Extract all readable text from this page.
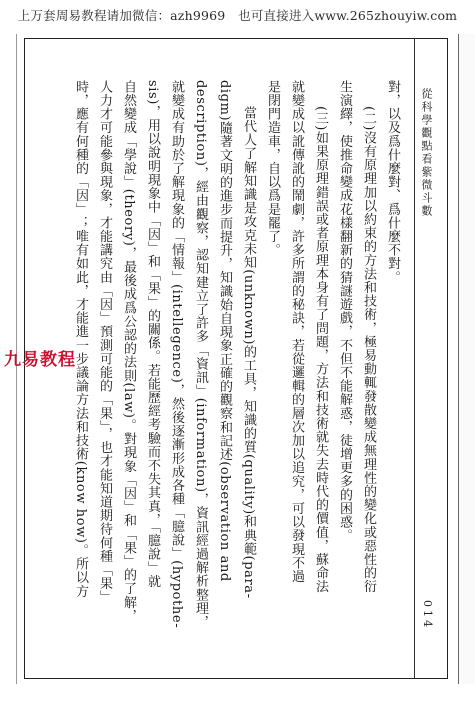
上万套周易教程请加微信：azh9969　也可直接进入www.265zhouyiw.com
從科學觀點看紫微斗數
014
對，以及爲什麼對、爲什麼不對。
(二)沒有原理加以約束的方法和技術，極易動輒發散變成無理性的變化或惡性的衍
生演繹，使推命變成花樣翻新的猜謎遊戲，不但不能解惑，徒增更多的困惑。
(三)如果原理錯誤或者原理本身有了問題，方法和技術就失去時代的價值，蘇命法
就變成以訛傳訛的鬧劇，許多所謂的秘訣，若從邏輯的層次加以追究，可以發現不過
是閉門造車，自以爲是罷了。
當代人了解知識是攻克未知(unknown)的工具，知識的質(quality)和典範(para-
digm)隨著文明的進步而提升，知識始自現象正確的觀察和記述(observation and
description)，經由觀察，認知建立了許多「資訊」(information)，資訊經過解析整理，
就變成有助於了解現象的「情報」(intellegence)，然後逐漸形成各種「臆說」(hypothe-
sis)，用以說明現象中「因」和「果」的關係。若能歷經考驗而不失其真，「臆說」就
自然變成「學說」(theory)，最後成爲公認的法則(law)。對現象「因」和「果」的了解，
人力才可能參與現象，才能講究由「因」預測可能的「果」，也才能知道期待何種「果」
時，應有何種的「因」；唯有如此，才能進一步議論方法和技術(know how)。所以方
九易教程
